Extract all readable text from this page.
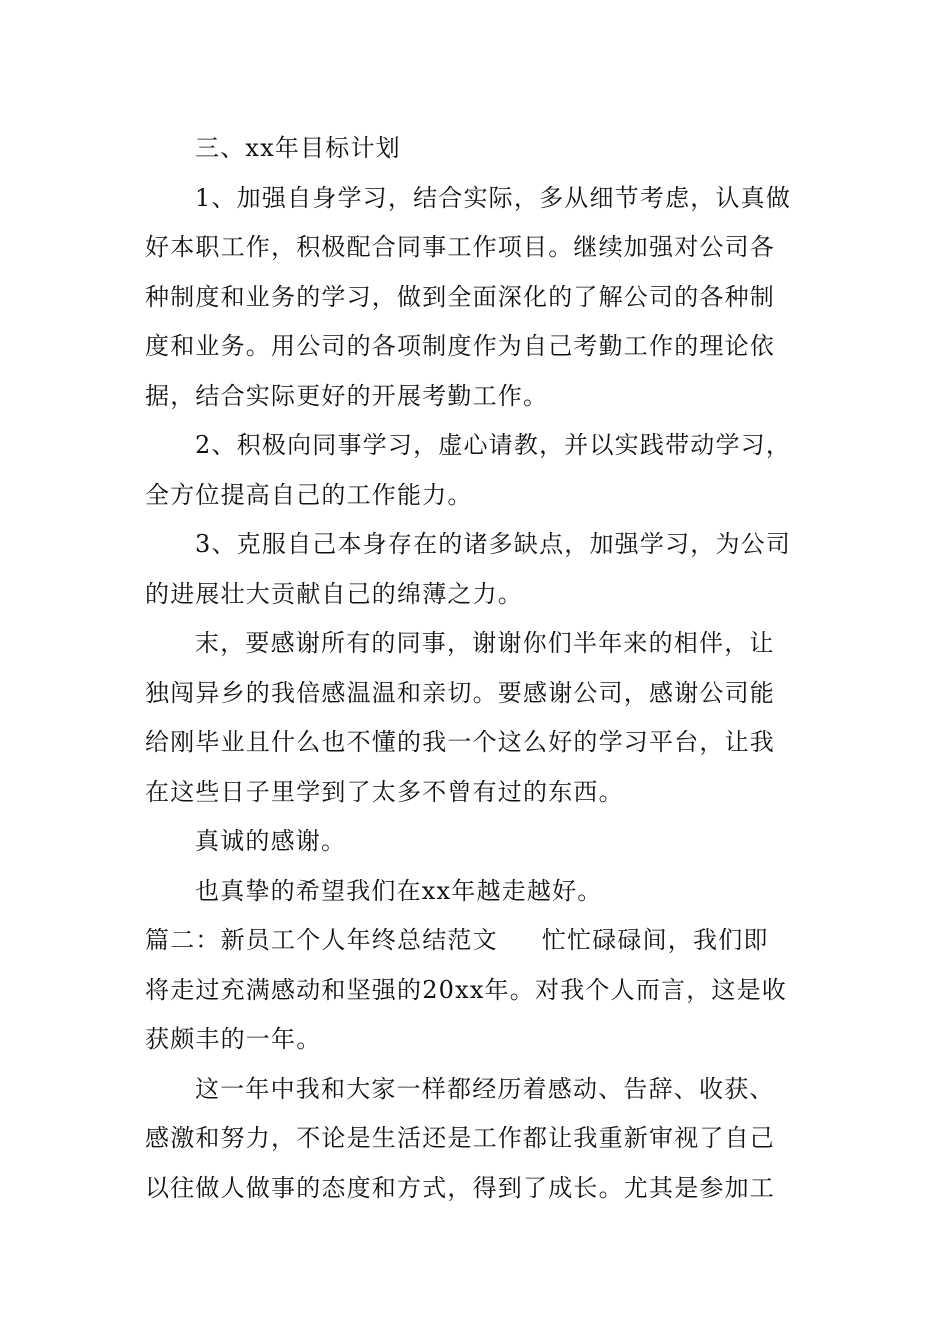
三、xx年目标计划

1、加强自身学习，结合实际，多从细节考虑，认真做
好本职工作，积极配合同事工作项目。继续加强对公司各
种制度和业务的学习，做到全面深化的了解公司的各种制
度和业务。用公司的各项制度作为自己考勤工作的理论依
据，结合实际更好的开展考勤工作。

2、积极向同事学习，虚心请教，并以实践带动学习，
全方位提高自己的工作能力。

3、克服自己本身存在的诸多缺点，加强学习，为公司
的进展壮大贡献自己的绵薄之力。

末，要感谢所有的同事，谢谢你们半年来的相伴，让
独闯异乡的我倍感温温和亲切。要感谢公司，感谢公司能
给刚毕业且什么也不懂的我一个这么好的学习平台，让我
在这些日子里学到了太多不曾有过的东西。

真诚的感谢。

也真挚的希望我们在xx年越走越好。

篇二：新员工个人年终总结范文 忙忙碌碌间，我们即
将走过充满感动和坚强的20xx年。对我个人而言，这是收
获颇丰的一年。

这一年中我和大家一样都经历着感动、告辞、收获、
感激和努力，不论是生活还是工作都让我重新审视了自己
以往做人做事的态度和方式，得到了成长。尤其是参加工
